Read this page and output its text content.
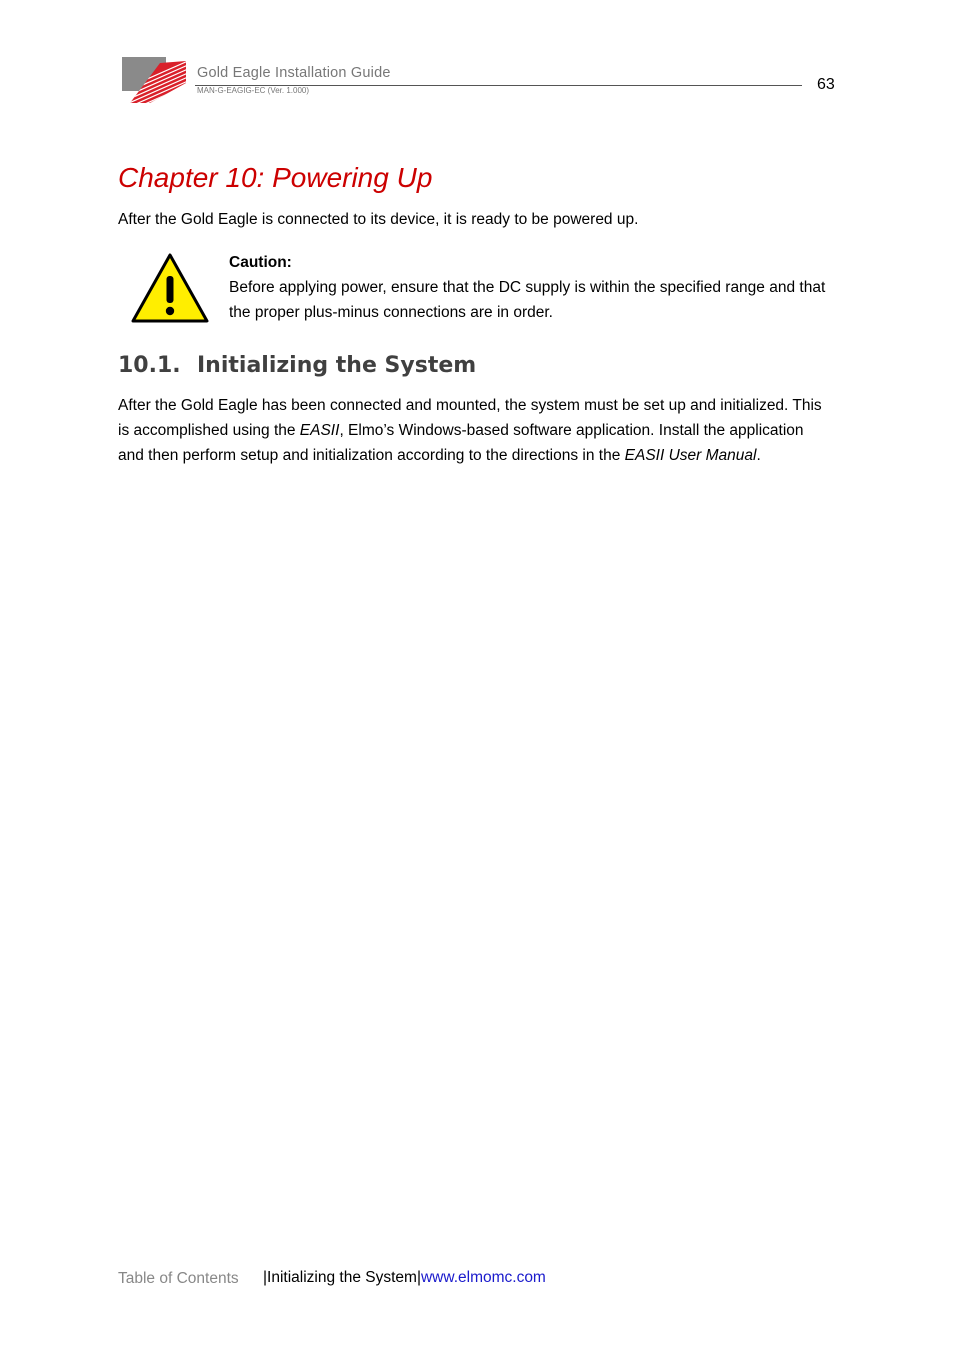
Gold Eagle Installation Guide
MAN-G-EAGIG-EC (Ver. 1.000)	63
Chapter 10: Powering Up
After the Gold Eagle is connected to its device, it is ready to be powered up.
Caution:
Before applying power, ensure that the DC supply is within the specified range and that the proper plus-minus connections are in order.
10.1. Initializing the System
After the Gold Eagle has been connected and mounted, the system must be set up and initialized. This is accomplished using the EASII, Elmo’s Windows-based software application. Install the application and then perform setup and initialization according to the directions in the EASII User Manual.
Table of Contents |Initializing the System|www.elmomc.com
